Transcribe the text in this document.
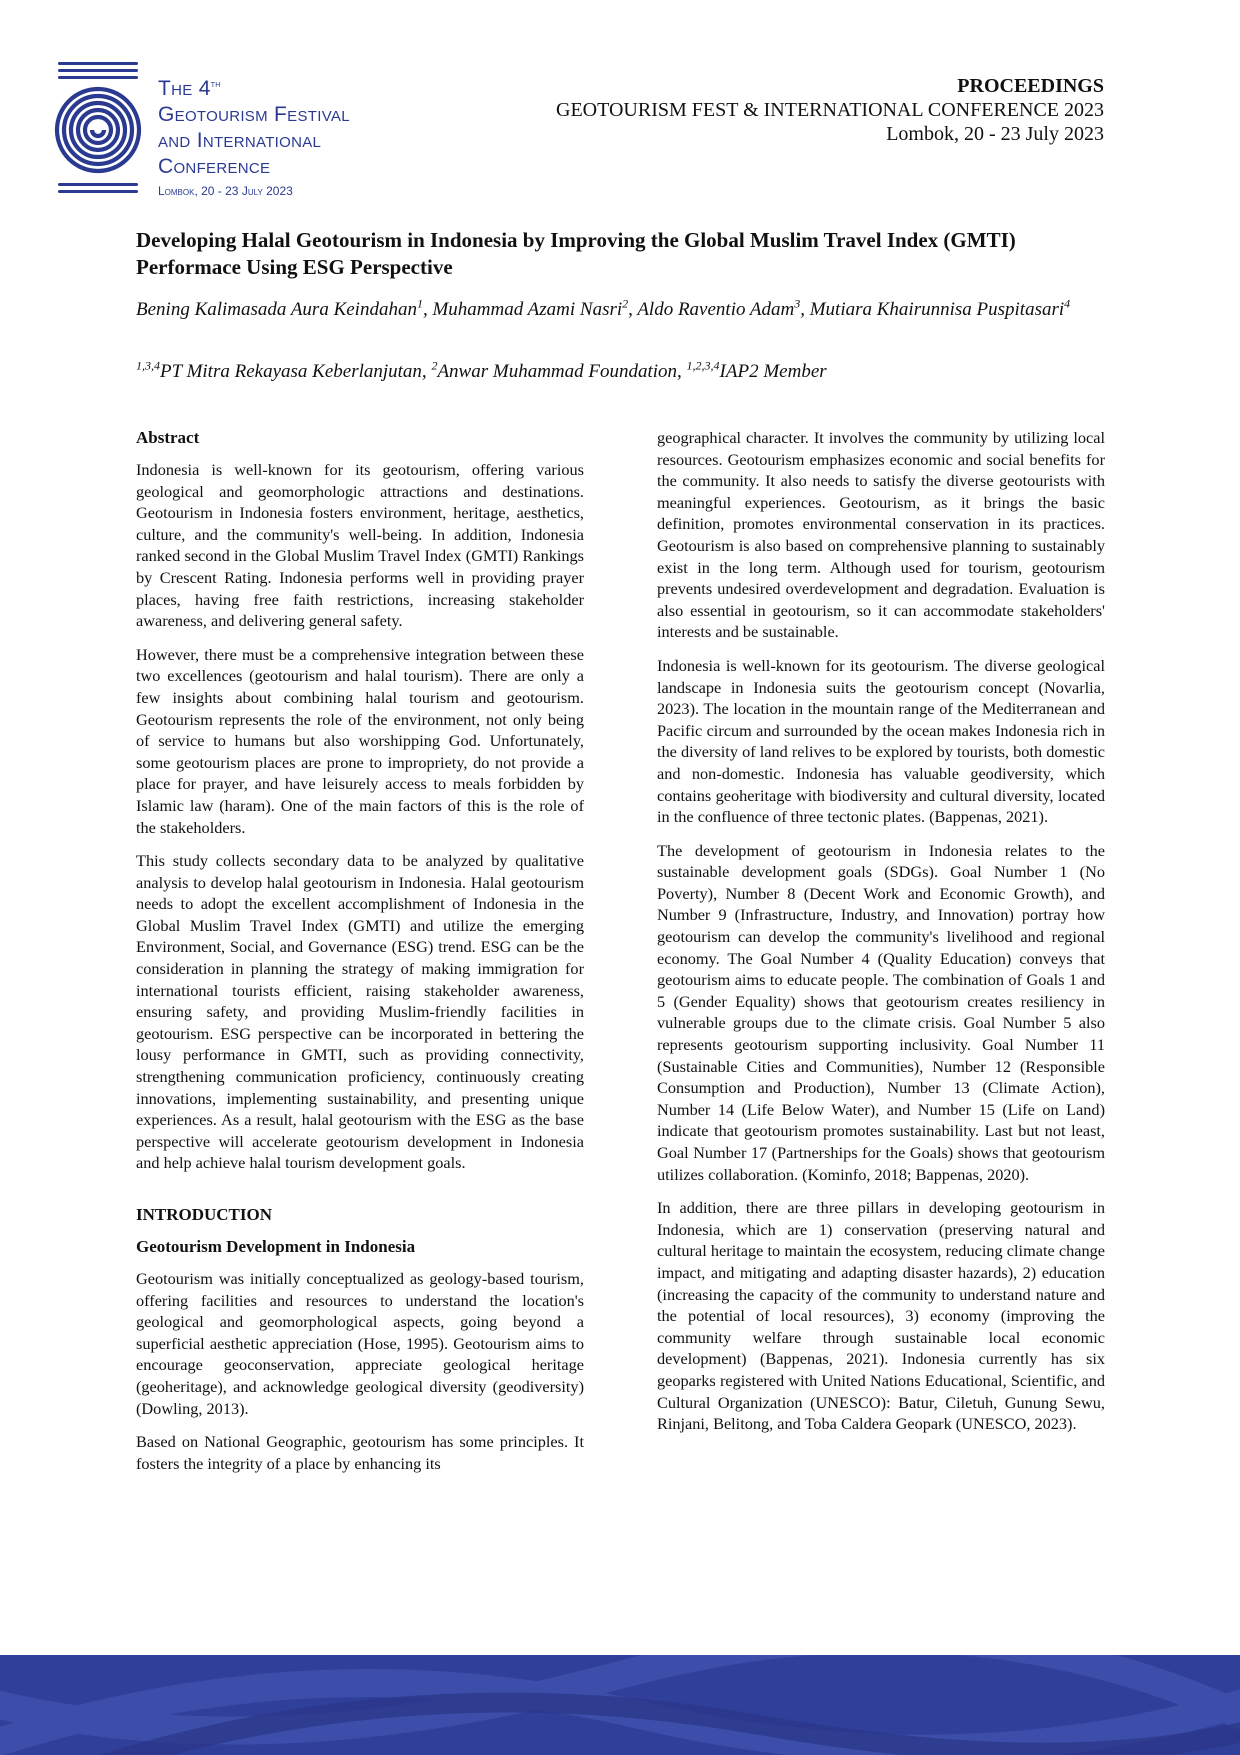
The 4th
Geotourism Festival
and International
Conference
Lombok, 20 - 23 July 2023
PROCEEDINGS
GEOTOURISM FEST & INTERNATIONAL CONFERENCE 2023
Lombok, 20 - 23 July 2023
Developing Halal Geotourism in Indonesia by Improving the Global Muslim Travel Index (GMTI) Performace Using ESG Perspective
Bening Kalimasada Aura Keindahan$^1$, Muhammad Azami Nasri$^2$, Aldo Raventio Adam$^3$, Mutiara Khairunnisa Puspitasari$^4$
$^{1,3,4}$PT Mitra Rekayasa Keberlanjutan, $^2$Anwar Muhammad Foundation, $^{1,2,3,4}$IAP2 Member
Abstract

Indonesia is well-known for its geotourism, offering various geological and geomorphologic attractions and destinations. Geotourism in Indonesia fosters environment, heritage, aesthetics, culture, and the community's well-being. In addition, Indonesia ranked second in the Global Muslim Travel Index (GMTI) Rankings by Crescent Rating. Indonesia performs well in providing prayer places, having free faith restrictions, increasing stakeholder awareness, and delivering general safety.

However, there must be a comprehensive integration between these two excellences (geotourism and halal tourism). There are only a few insights about combining halal tourism and geotourism. Geotourism represents the role of the environment, not only being of service to humans but also worshipping God. Unfortunately, some geotourism places are prone to impropriety, do not provide a place for prayer, and have leisurely access to meals forbidden by Islamic law (haram). One of the main factors of this is the role of the stakeholders.

This study collects secondary data to be analyzed by qualitative analysis to develop halal geotourism in Indonesia. Halal geotourism needs to adopt the excellent accomplishment of Indonesia in the Global Muslim Travel Index (GMTI) and utilize the emerging Environment, Social, and Governance (ESG) trend. ESG can be the consideration in planning the strategy of making immigration for international tourists efficient, raising stakeholder awareness, ensuring safety, and providing Muslim-friendly facilities in geotourism. ESG perspective can be incorporated in bettering the lousy performance in GMTI, such as providing connectivity, strengthening communication proficiency, continuously creating innovations, implementing sustainability, and presenting unique experiences. As a result, halal geotourism with the ESG as the base perspective will accelerate geotourism development in Indonesia and help achieve halal tourism development goals.

INTRODUCTION
Geotourism Development in Indonesia

Geotourism was initially conceptualized as geology-based tourism, offering facilities and resources to understand the location's geological and geomorphological aspects, going beyond a superficial aesthetic appreciation (Hose, 1995). Geotourism aims to encourage geoconservation, appreciate geological heritage (geoheritage), and acknowledge geological diversity (geodiversity) (Dowling, 2013).

Based on National Geographic, geotourism has some principles. It fosters the integrity of a place by enhancing its

geographical character. It involves the community by utilizing local resources. Geotourism emphasizes economic and social benefits for the community. It also needs to satisfy the diverse geotourists with meaningful experiences. Geotourism, as it brings the basic definition, promotes environmental conservation in its practices. Geotourism is also based on comprehensive planning to sustainably exist in the long term. Although used for tourism, geotourism prevents undesired overdevelopment and degradation. Evaluation is also essential in geotourism, so it can accommodate stakeholders' interests and be sustainable.

Indonesia is well-known for its geotourism. The diverse geological landscape in Indonesia suits the geotourism concept (Novarlia, 2023). The location in the mountain range of the Mediterranean and Pacific circum and surrounded by the ocean makes Indonesia rich in the diversity of land relives to be explored by tourists, both domestic and non-domestic. Indonesia has valuable geodiversity, which contains geoheritage with biodiversity and cultural diversity, located in the confluence of three tectonic plates. (Bappenas, 2021).

The development of geotourism in Indonesia relates to the sustainable development goals (SDGs). Goal Number 1 (No Poverty), Number 8 (Decent Work and Economic Growth), and Number 9 (Infrastructure, Industry, and Innovation) portray how geotourism can develop the community's livelihood and regional economy. The Goal Number 4 (Quality Education) conveys that geotourism aims to educate people. The combination of Goals 1 and 5 (Gender Equality) shows that geotourism creates resiliency in vulnerable groups due to the climate crisis. Goal Number 5 also represents geotourism supporting inclusivity. Goal Number 11 (Sustainable Cities and Communities), Number 12 (Responsible Consumption and Production), Number 13 (Climate Action), Number 14 (Life Below Water), and Number 15 (Life on Land) indicate that geotourism promotes sustainability. Last but not least, Goal Number 17 (Partnerships for the Goals) shows that geotourism utilizes collaboration. (Kominfo, 2018; Bappenas, 2020).

In addition, there are three pillars in developing geotourism in Indonesia, which are 1) conservation (preserving natural and cultural heritage to maintain the ecosystem, reducing climate change impact, and mitigating and adapting disaster hazards), 2) education (increasing the capacity of the community to understand nature and the potential of local resources), 3) economy (improving the community welfare through sustainable local economic development) (Bappenas, 2021). Indonesia currently has six geoparks registered with United Nations Educational, Scientific, and Cultural Organization (UNESCO): Batur, Ciletuh, Gunung Sewu, Rinjani, Belitong, and Toba Caldera Geopark (UNESCO, 2023).
